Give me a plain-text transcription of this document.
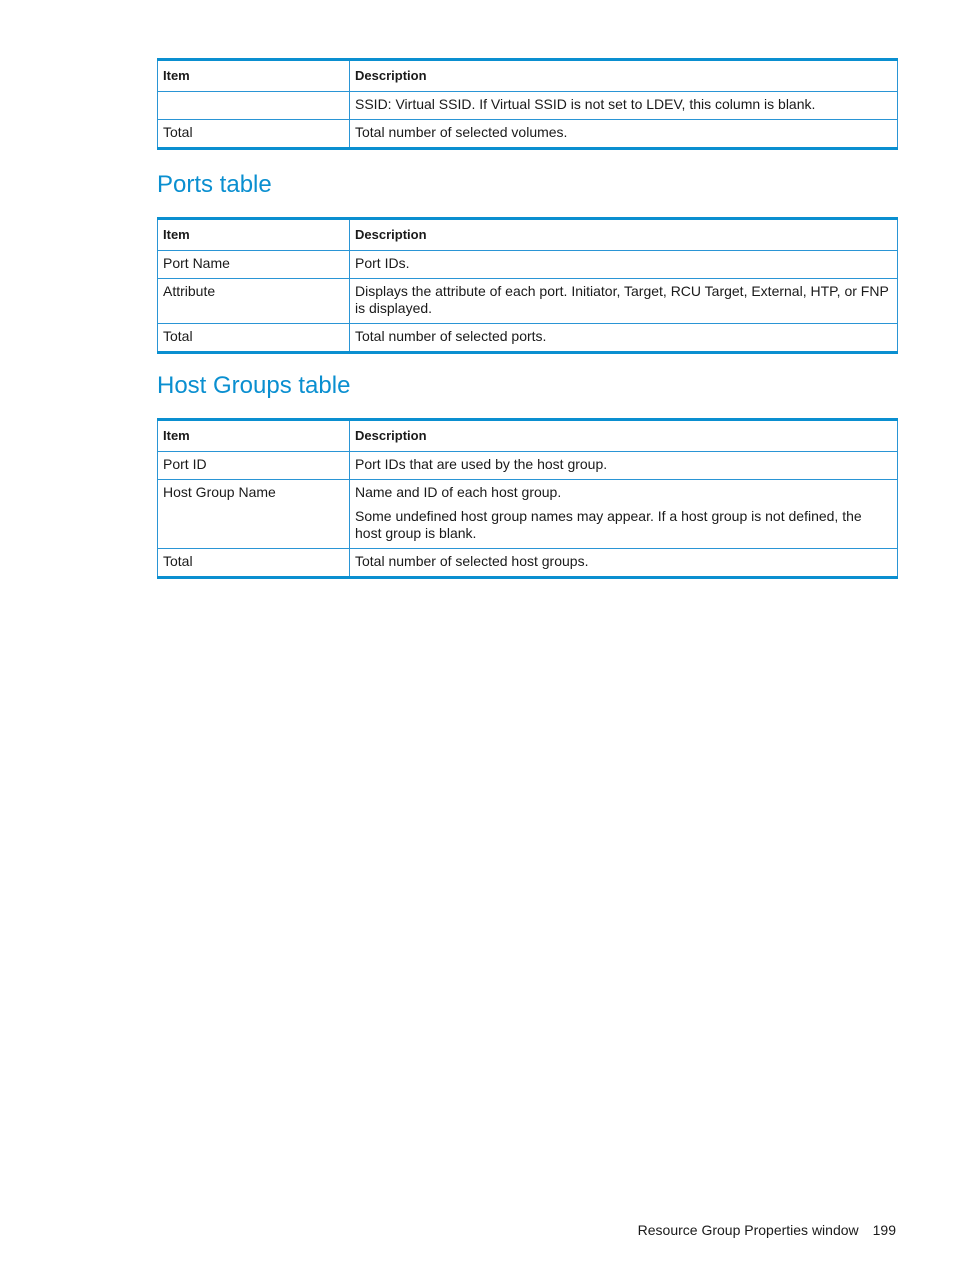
Item	Description

	SSID: Virtual SSID. If Virtual SSID is not set to LDEV, this column is blank.

Total	Total number of selected volumes.

Ports table
Item	Description
Port Name	Port IDs.

Attribute	Displays the attribute of each port. Initiator, Target, RCU Target, External, HTP, or FNP is displayed.

Total	Total number of selected ports.

Host Groups table
Item	Description
Port ID	Port IDs that are used by the host group.

Host Group Name	Name and ID of each host group.

Some undefined host group names may appear. If a host group is not defined, the host group is blank.

Total	Total number of selected host groups.

Resource Group Properties window 199
